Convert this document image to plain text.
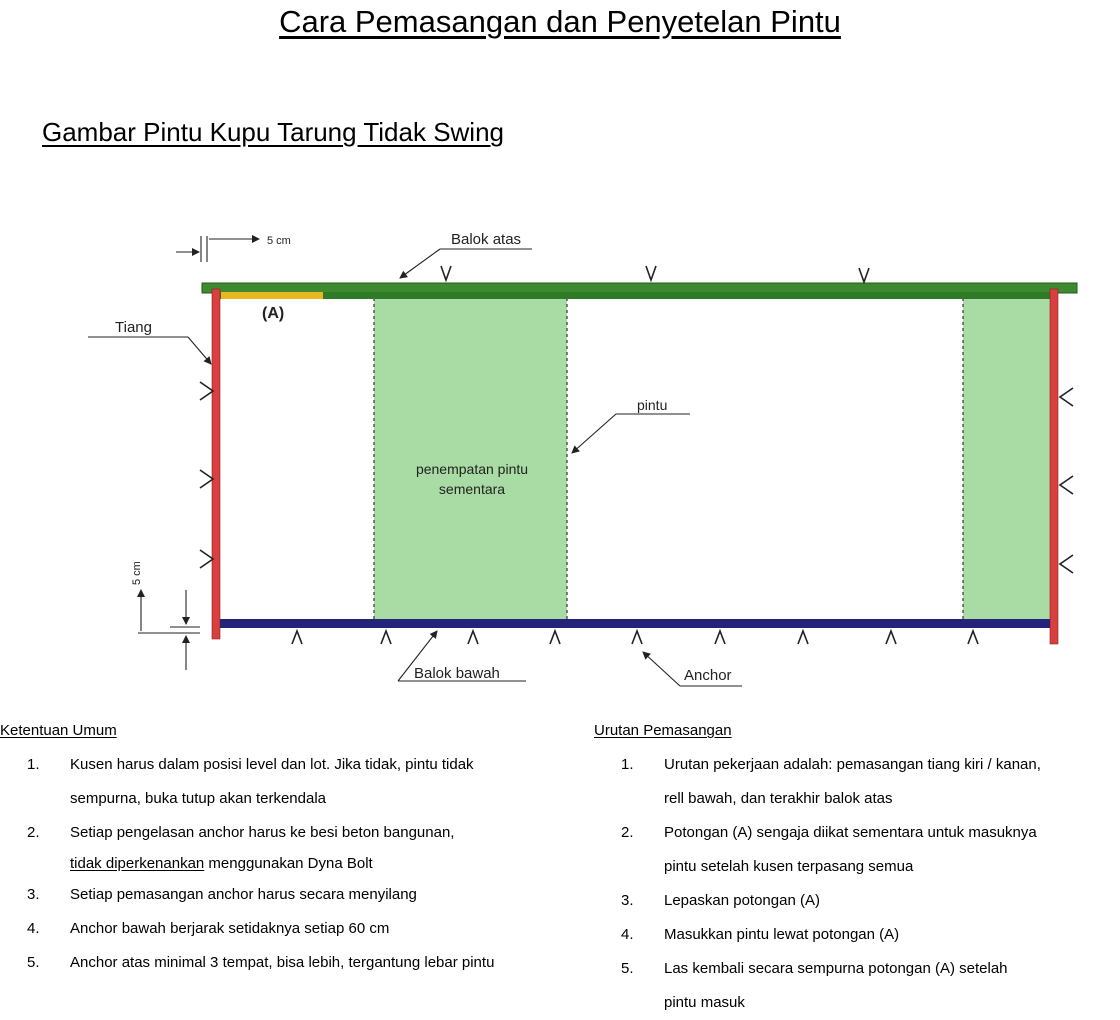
Cara Pemasangan dan Penyetelan Pintu
Gambar Pintu Kupu Tarung Tidak Swing
5 cm	Balok atas
(A)
Tiang
pintu
penempatan pintu
sementara
5 cm
Balok bawah	Anchor
Ketentuan Umum
1. Kusen harus dalam posisi level dan lot. Jika tidak, pintu tidak
sempurna, buka tutup akan terkendala
2. Setiap pengelasan anchor harus ke besi beton bangunan,
tidak diperkenankan menggunakan Dyna Bolt
3. Setiap pemasangan anchor harus secara menyilang
4. Anchor bawah berjarak setidaknya setiap 60 cm
5. Anchor atas minimal 3 tempat, bisa lebih, tergantung lebar pintu
Urutan Pemasangan
1. Urutan pekerjaan adalah: pemasangan tiang kiri / kanan,
rell bawah, dan terakhir balok atas
2. Potongan (A) sengaja diikat sementara untuk masuknya
pintu setelah kusen terpasang semua
3. Lepaskan potongan (A)
4. Masukkan pintu lewat potongan (A)
5. Las kembali secara sempurna potongan (A) setelah
pintu masuk
